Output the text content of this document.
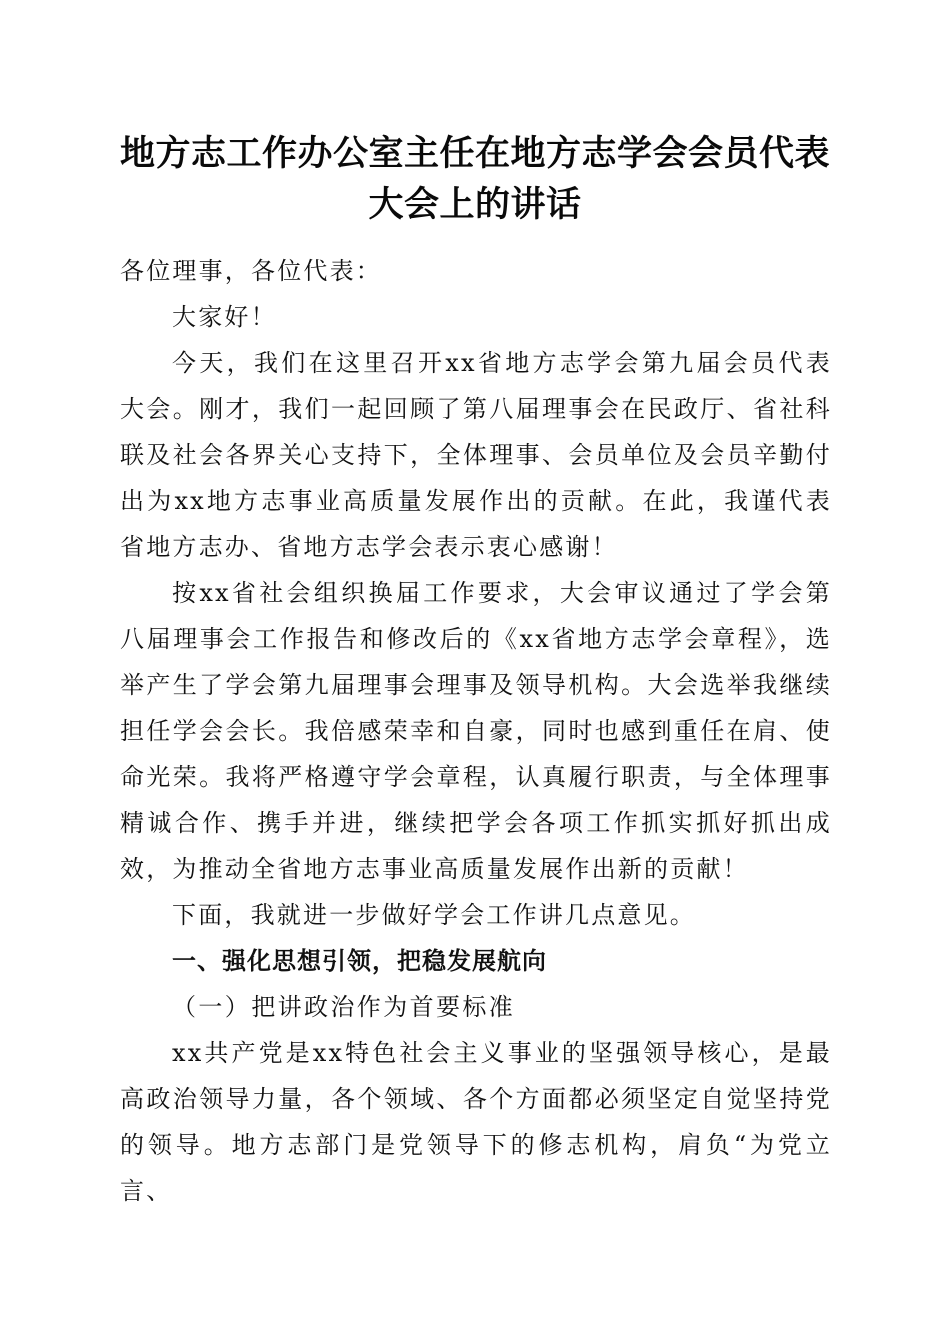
地方志工作办公室主任在地方志学会会员代表
大会上的讲话

各位理事，各位代表：

大家好！

今天，我们在这里召开xx省地方志学会第九届会员代表大会。刚才，我们一起回顾了第八届理事会在民政厅、省社科联及社会各界关心支持下，全体理事、会员单位及会员辛勤付出为xx地方志事业高质量发展作出的贡献。在此，我谨代表省地方志办、省地方志学会表示衷心感谢！

按xx省社会组织换届工作要求，大会审议通过了学会第八届理事会工作报告和修改后的《xx省地方志学会章程》，选举产生了学会第九届理事会理事及领导机构。大会选举我继续担任学会会长。我倍感荣幸和自豪，同时也感到重任在肩、使命光荣。我将严格遵守学会章程，认真履行职责，与全体理事精诚合作、携手并进，继续把学会各项工作抓实抓好抓出成效，为推动全省地方志事业高质量发展作出新的贡献！

下面，我就进一步做好学会工作讲几点意见。

一、强化思想引领，把稳发展航向

（一）把讲政治作为首要标准

xx共产党是xx特色社会主义事业的坚强领导核心，是最高政治领导力量，各个领域、各个方面都必须坚定自觉坚持党的领导。地方志部门是党领导下的修志机构，肩负“为党立言、
